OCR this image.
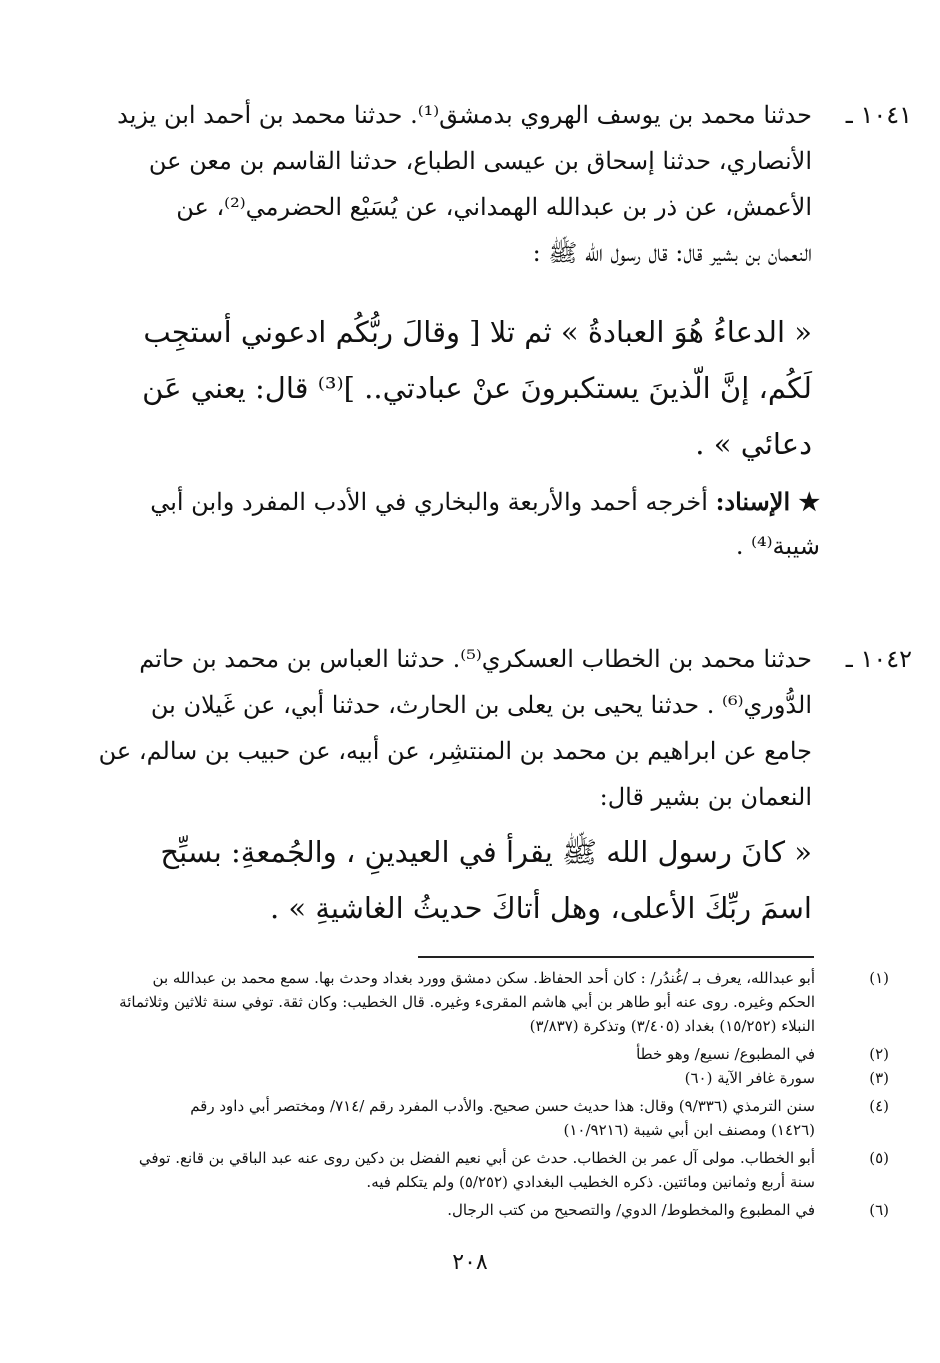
١٠٤١ ـ
حدثنا محمد بن يوسف الهروي بدمشق⁽¹⁾. حدثنا محمد بن أحمد ابن يزيد
الأنصاري، حدثنا إسحاق بن عيسى الطباع، حدثنا القاسم بن معن عن
الأعمش، عن ذر بن عبدالله الهمداني، عن يُسَيْع الحضرمي⁽²⁾، عن
النعمان بن بشير قال: قال رسول الله ﷺ :
« الدعاءُ هُوَ العبادةُ » ثم تلا [ وقالَ ربُّكُم ادعوني أستجِب
لَكُم، إنَّ الّذينَ يستكبرونَ عنْ عبادتي.. ]⁽³⁾ قال: يعني عَن
دعائي » .
★ الإسناد: أخرجه أحمد والأربعة والبخاري في الأدب المفرد وابن أبي
شيبة⁽⁴⁾ .
١٠٤٢ ـ
حدثنا محمد بن الخطاب العسكري⁽⁵⁾. حدثنا العباس بن محمد بن حاتم
الدُّوري⁽⁶⁾ . حدثنا يحيى بن يعلى بن الحارث، حدثنا أبي، عن غَيلان بن
جامع عن ابراهيم بن محمد بن المنتشِر، عن أبيه، عن حبيب بن سالم، عن
النعمان بن بشير قال:
« كانَ رسول الله ﷺ يقرأ في العيدينِ ، والجُمعةِ: بسبِّح
اسمَ ربِّكَ الأعلى، وهل أتاكَ حديثُ الغاشيةِ » .
(١)
أبو عبدالله، يعرف بـ /غُندُر/ : كان أحد الحفاظ. سكن دمشق وورد بغداد وحدث بها. سمع محمد بن عبدالله بن
الحكم وغيره. روى عنه أبو طاهر بن أبي هاشم المقرىء وغيره. قال الخطيب: وكان ثقة. توفي سنة ثلاثين وثلاثمائة
النبلاء (١٥/٢٥٢) بغداد (٣/٤٠٥) وتذكرة (٣/٨٣٧)
(٢)
في المطبوع/ نسيع/ وهو خطأ
(٣)
سورة غافر الآية (٦٠)
(٤)
سنن الترمذي (٩/٣٣٦) وقال: هذا حديث حسن صحيح. والأدب المفرد رقم /٧١٤/ ومختصر أبي داود رقم
(١٤٢٦) ومصنف ابن أبي شيبة (١٠/٩٢١٦)
(٥)
أبو الخطاب. مولى آل عمر بن الخطاب. حدث عن أبي نعيم الفضل بن دكين روى عنه عبد الباقي بن قانع. توفي
سنة أربع وثمانين ومائتين. ذكره الخطيب البغدادي (٥/٢٥٢) ولم يتكلم فيه.
(٦)
في المطبوع والمخطوط/ الدوي/ والتصحيح من كتب الرجال.
٢٠٨
